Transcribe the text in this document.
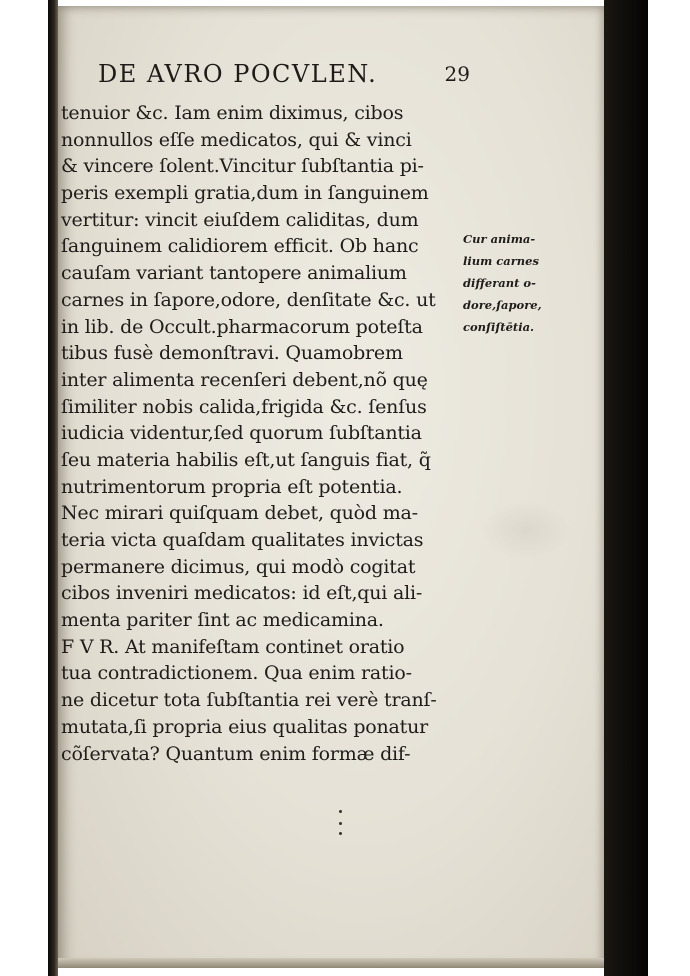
DE AVRO POCVLEN.	29
tenuior &c. Iam enim diximus, cibos
nonnullos eſſe medicatos, qui & vinci
& vincere ſolent.Vincitur ſubſtantia pi-
peris exempli gratia,dum in ſanguinem
vertitur: vincit eiuſdem caliditas, dum
ſanguinem calidiorem efficit. Ob hanc
cauſam variant tantopere animalium
carnes in ſapore,odore, denſitate &c. ut
in lib. de Occult.pharmacorum poteſta
tibus fusè demonſtravi. Quamobrem
inter alimenta recenſeri debent,nõ quę
ſimiliter nobis calida,frigida &c. ſenſus
iudicia videntur,ſed quorum ſubſtantia
ſeu materia habilis eſt,ut ſanguis fiat, q̃
nutrimentorum propria eſt potentia.
Nec mirari quiſquam debet, quòd ma-
teria victa quaſdam qualitates invictas
permanere dicimus, qui modò cogitat
cibos inveniri medicatos: id eſt,qui ali-
menta pariter ſint ac medicamina.
F V R. At manifeſtam continet oratio
tua contradictionem. Qua enim ratio-
ne dicetur tota ſubſtantia rei verè tranſ-
mutata,ſi propria eius qualitas ponatur
cõſervata? Quantum enim formæ dif-
Cur anima-
lium carnes
differant o-
dore,ſapore,
conſiſtētia.
